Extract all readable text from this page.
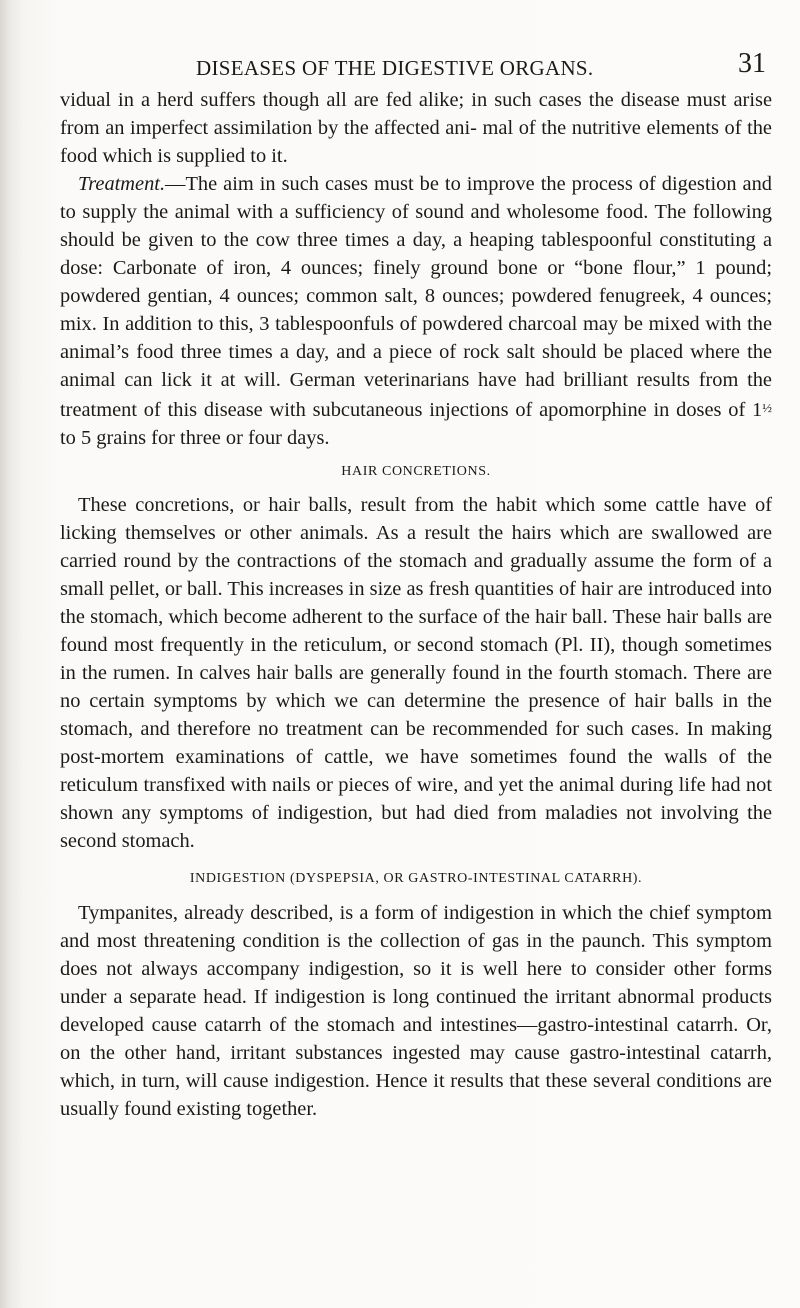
DISEASES OF THE DIGESTIVE ORGANS.	31

vidual in a herd suffers though all are fed alike; in such cases the disease must arise from an imperfect assimilation by the affected ani- mal of the nutritive elements of the food which is supplied to it.

Treatment.—The aim in such cases must be to improve the process of digestion and to supply the animal with a sufficiency of sound and wholesome food. The following should be given to the cow three times a day, a heaping tablespoonful constituting a dose: Carbonate of iron, 4 ounces; finely ground bone or “bone flour,” 1 pound; powdered gentian, 4 ounces; common salt, 8 ounces; powdered fenugreek, 4 ounces; mix. In addition to this, 3 tablespoonfuls of powdered charcoal may be mixed with the animal’s food three times a day, and a piece of rock salt should be placed where the animal can lick it at will. German veterinarians have had brilliant results from the treatment of this disease with subcutaneous injections of apomorphine in doses of 1½ to 5 grains for three or four days.

HAIR CONCRETIONS.

These concretions, or hair balls, result from the habit which some cattle have of licking themselves or other animals. As a result the hairs which are swallowed are carried round by the contractions of the stomach and gradually assume the form of a small pellet, or ball. This increases in size as fresh quantities of hair are introduced into the stomach, which become adherent to the surface of the hair ball. These hair balls are found most frequently in the reticulum, or second stomach (Pl. II), though sometimes in the rumen. In calves hair balls are generally found in the fourth stomach. There are no certain symptoms by which we can determine the presence of hair balls in the stomach, and therefore no treatment can be recommended for such cases. In making post-mortem examinations of cattle, we have sometimes found the walls of the reticulum transfixed with nails or pieces of wire, and yet the animal during life had not shown any symptoms of indigestion, but had died from maladies not involving the second stomach.

INDIGESTION (DYSPEPSIA, OR GASTRO-INTESTINAL CATARRH).

Tympanites, already described, is a form of indigestion in which the chief symptom and most threatening condition is the collection of gas in the paunch. This symptom does not always accompany indigestion, so it is well here to consider other forms under a separate head. If indigestion is long continued the irritant abnormal products developed cause catarrh of the stomach and intestines—gastro-intestinal catarrh. Or, on the other hand, irritant substances ingested may cause gastro-intestinal catarrh, which, in turn, will cause indigestion. Hence it results that these several conditions are usually found existing together.
